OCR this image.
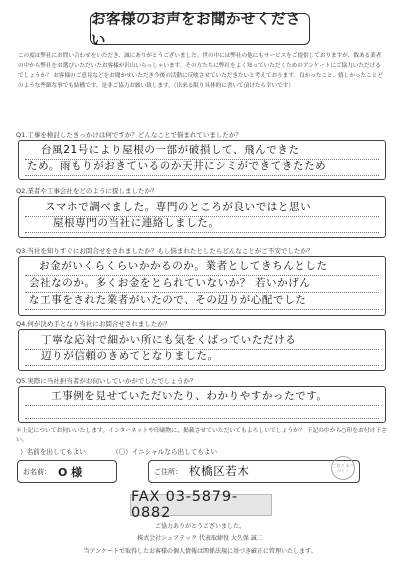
お客様のお声をお聞かせください
この度は弊社にお問い合わせをいただき、誠にありがとうございました。世の中には弊社の他にもサービスをご提供しておりますが、数ある業者の中から弊社をお選びいただいたお客様が沢山いらっしゃいます。その方たちに弊社をよく知っていただくためのアンケートにご協力いただけるでしょうか？ お客様のご意見などをお聞かせいただき今後の活動に反映させていただきたいと考えております。良かったこと、嬉しかったことどのような些細な事でも結構です。是非ご協力お願い致します。（出来る限り具体的に書いて頂けたら幸いです）
Q1.工事を検討したきっかけは何ですか？どんなことで悩まれていましたか？
台風21号により屋根の一部が破損して、飛んできた
ため。雨もりがおきているのか天井にシミができてきたため
Q2.業者や工事会社をどのように探しましたか？
スマホで調べました。専門のところが良いではと思い
屋根専門の当社に連絡しました。
Q3.当社を知りすぐにお問合せをされましたか？もし悩まれたとしたらどんなことがご不安でしたか？
お金がいくらくらいかかるのか。業者としてきちんとした
会社なのか。多くお金をとられていないか？ 若いかげん
な工事をされた業者がいたので、その辺りが心配でした
Q4.何が決め手となり当社にお問合せされましたか？
丁寧な応対で細かい所にも気をくばっていただける
辺りが信頼のきめてとなりました。
Q5.実際に当社担当者がお伺いしていかがでしたでしょうか？
工事例を見せていただいたり、わかりやすかったです。
＊上記についてお伺いいたします。インターネットや印刷物に、掲載させていただいてもよろしいでしょうか？ 下記の中から○印をお付け下さい。
）名前を出してもよい	（〇）イニシャルなら出してもよい
お名前： O 様	ご住所： 枚橋区若木	ご協力 ありがとう
FAX 03-5879-0882
ご協力ありがとうございました。
株式会社シェアテック 代表取締役 大久保 誠二
当アンケートで取得したお客様の個人情報は関係法規に基づき厳正に管理いたします。
